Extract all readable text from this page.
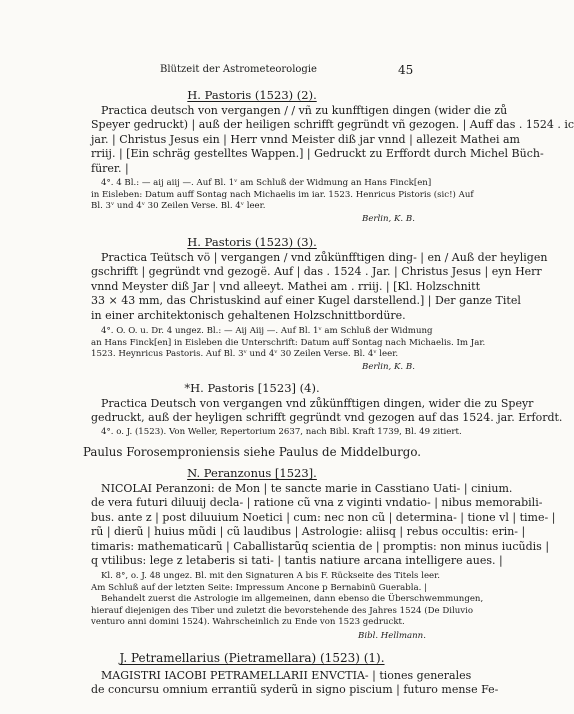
Blützeit der Astrometeorologie	45
H. Pastoris (1523) (2).
Practica deutsch von vergangen / / vñ zu kunfftigen dingen (wider die zů
Speyer gedruckt) | auß der heiligen schrifft gegründt vñ gezogen. | Auff das . 1524 . ic
jar. | Christus Jesus ein | Herr vnnd Meister diß jar vnnd | allezeit Mathei am
rriij. | [Ein schräg gestelltes Wappen.] | Gedruckt zu Erffordt durch Michel Büch-
fürer. |
4°. 4 Bl.: — aij aiij —. Auf Bl. 1ᵛ am Schluß der Widmung an Hans Finck[en]
in Eisleben: Datum auff Sontag nach Michaelis im iar. 1523. Henricus Pistoris (sic!) Auf
Bl. 3ᵛ und 4ᵛ 30 Zeilen Verse. Bl. 4ᵛ leer.
Berlin, K. B.
H. Pastoris (1523) (3).
Practica Teütsch vö | vergangen / vnd zůkünfftigen ding- | en / Auß der heyligen
gschrifft | gegründt vnd gezogë. Auf | das . 1524 . Jar. | Christus Jesus | eyn Herr
vnnd Meyster diß Jar | vnd alleeyt. Mathei am . rriij. | [Kl. Holzschnitt
33 × 43 mm, das Christuskind auf einer Kugel darstellend.] | Der ganze Titel
in einer architektonisch gehaltenen Holzschnittbordüre.
4°. O. O. u. Dr. 4 ungez. Bl.: — Aij Aiij —. Auf Bl. 1ᵛ am Schluß der Widmung
an Hans Finck[en] in Eisleben die Unterschrift: Datum auff Sontag nach Michaelis. Im Jar.
1523. Heynricus Pastoris. Auf Bl. 3ᵛ und 4ᵛ 30 Zeilen Verse. Bl. 4ᵛ leer.
Berlin, K. B.
*H. Pastoris [1523] (4).
Practica Deutsch von vergangen vnd zůkünfftigen dingen, wider die zu Speyr
gedruckt, auß der heyligen schrifft gegründt vnd gezogen auf das 1524. jar. Erfordt.
4°. o. J. (1523). Von Weller, Repertorium 2637, nach Bibl. Kraft 1739, Bl. 49 zitiert.
Paulus Forosemproniensis siehe Paulus de Middelburgo.
N. Peranzonus [1523].
NICOLAI Peranzoni: de Mon | te sancte marie in Casstiano Uati- | cinium.
de vera futuri diluuij decla- | ratione cũ vna z viginti vndatio- | nibus memorabili-
bus. ante z | post diluuium Noetici | cum: nec non cũ | determina- | tione vl | time- |
rũ | dierũ | huius mũdi | cũ laudibus | Astrologie: aliisq | rebus occultis: erin- |
timaris: mathematicarũ | Caballistarũq scientia de | promptis: non minus iucũdis |
q vtilibus: lege z letaberis si tati- | tantis natiure arcana intelligere aues. |
Kl. 8°, o. J. 48 ungez. Bl. mit den Signaturen A bis F. Rückseite des Titels leer.
Am Schluß auf der letzten Seite: Impressum Ancone p Bernabinũ Guerabla. |
Behandelt zuerst die Astrologie im allgemeinen, dann ebenso die Überschwemmungen,
hierauf diejenigen des Tiber und zuletzt die bevorstehende des Jahres 1524 (De Diluvio
venturo anni domini 1524). Wahrscheinlich zu Ende von 1523 gedruckt.
Bibl. Hellmann.
J. Petramellarius (Pietramellara) (1523) (1).
MAGISTRI IACOBI PETRAMELLARII ENVCTIA- | tiones generales
de concursu omnium errantiũ syderũ in signo piscium | futuro mense Fe-
